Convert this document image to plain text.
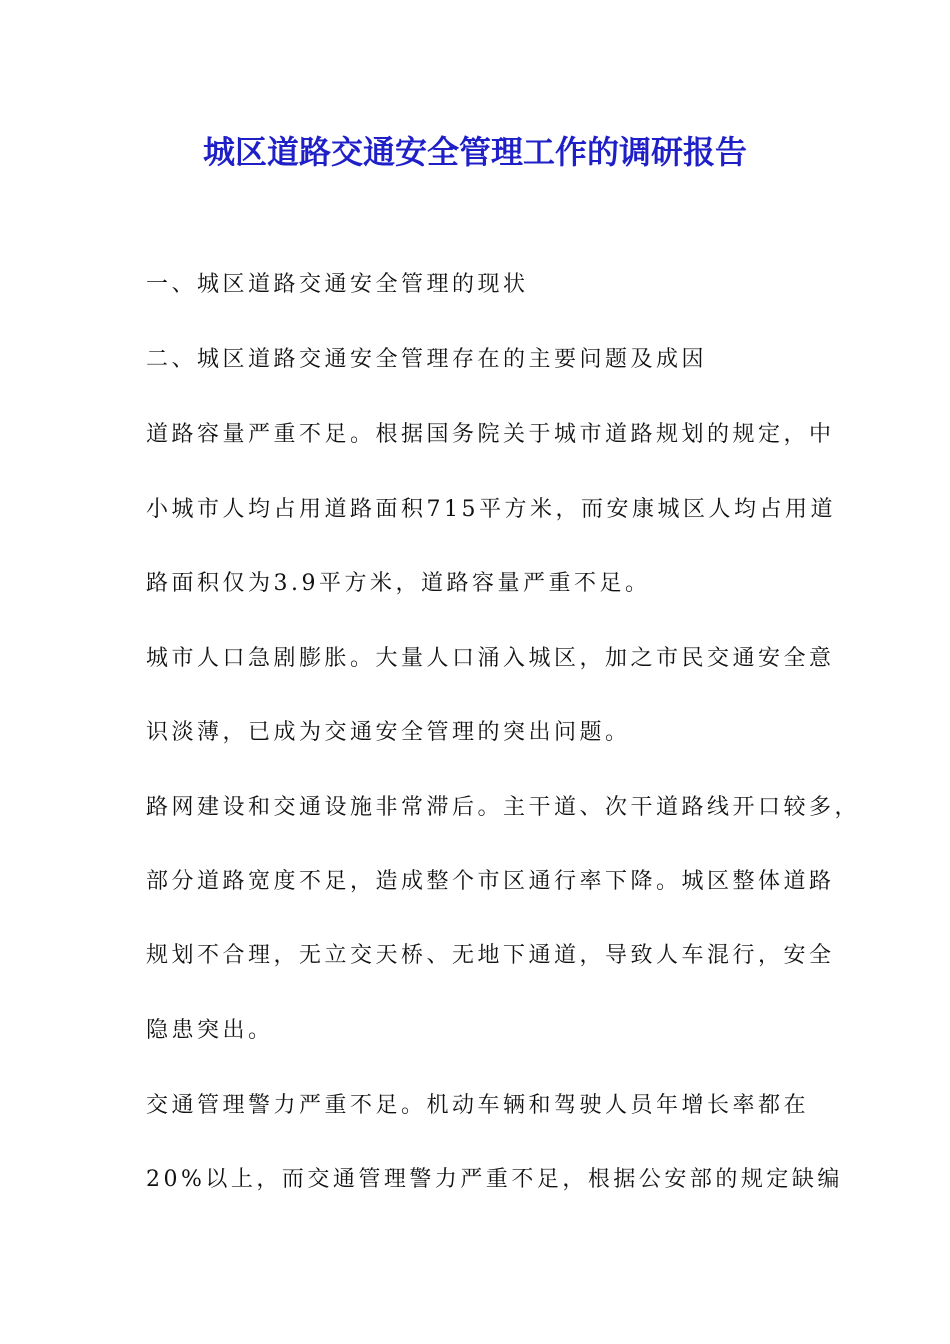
城区道路交通安全管理工作的调研报告

一、城区道路交通安全管理的现状

二、城区道路交通安全管理存在的主要问题及成因

道路容量严重不足。根据国务院关于城市道路规划的规定，中

小城市人均占用道路面积715平方米，而安康城区人均占用道

路面积仅为3.9平方米，道路容量严重不足。

城市人口急剧膨胀。大量人口涌入城区，加之市民交通安全意

识淡薄，已成为交通安全管理的突出问题。

路网建设和交通设施非常滞后。主干道、次干道路线开口较多，

部分道路宽度不足，造成整个市区通行率下降。城区整体道路

规划不合理，无立交天桥、无地下通道，导致人车混行，安全

隐患突出。

交通管理警力严重不足。机动车辆和驾驶人员年增长率都在

20%以上，而交通管理警力严重不足，根据公安部的规定缺编
